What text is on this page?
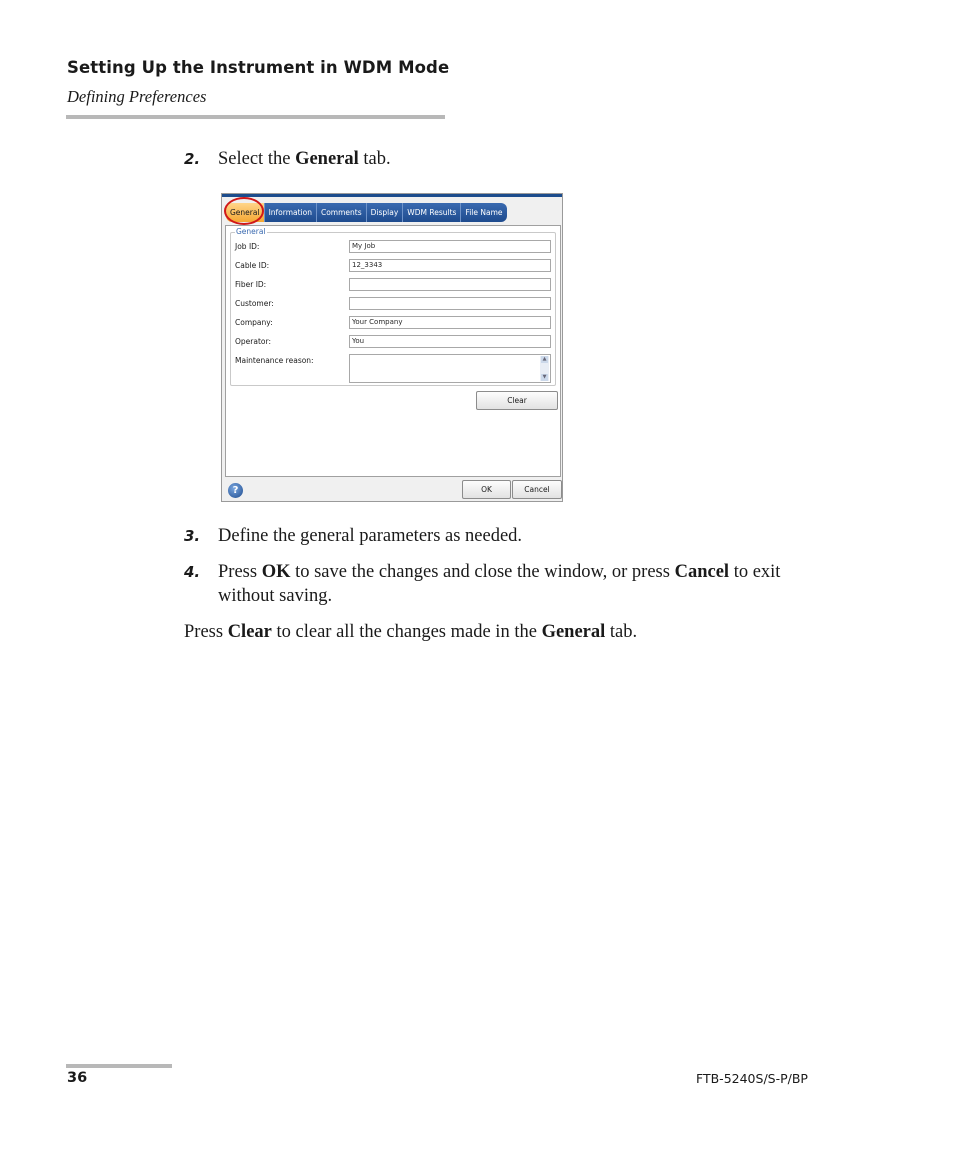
Setting Up the Instrument in WDM Mode
Defining Preferences
2. Select the General tab.
General	Information	Comments	Display	WDM Results	File Name
General
Job ID:	My Job
Cable ID:	12_3343
Fiber ID:
Customer:
Company:	Your Company
Operator:	You
Maintenance reason:	▲
▼
Clear
?	OK	Cancel
3. Define the general parameters as needed.
4. Press OK to save the changes and close the window, or press Cancel to exit without saving.
Press Clear to clear all the changes made in the General tab.
36	FTB-5240S/S-P/BP
